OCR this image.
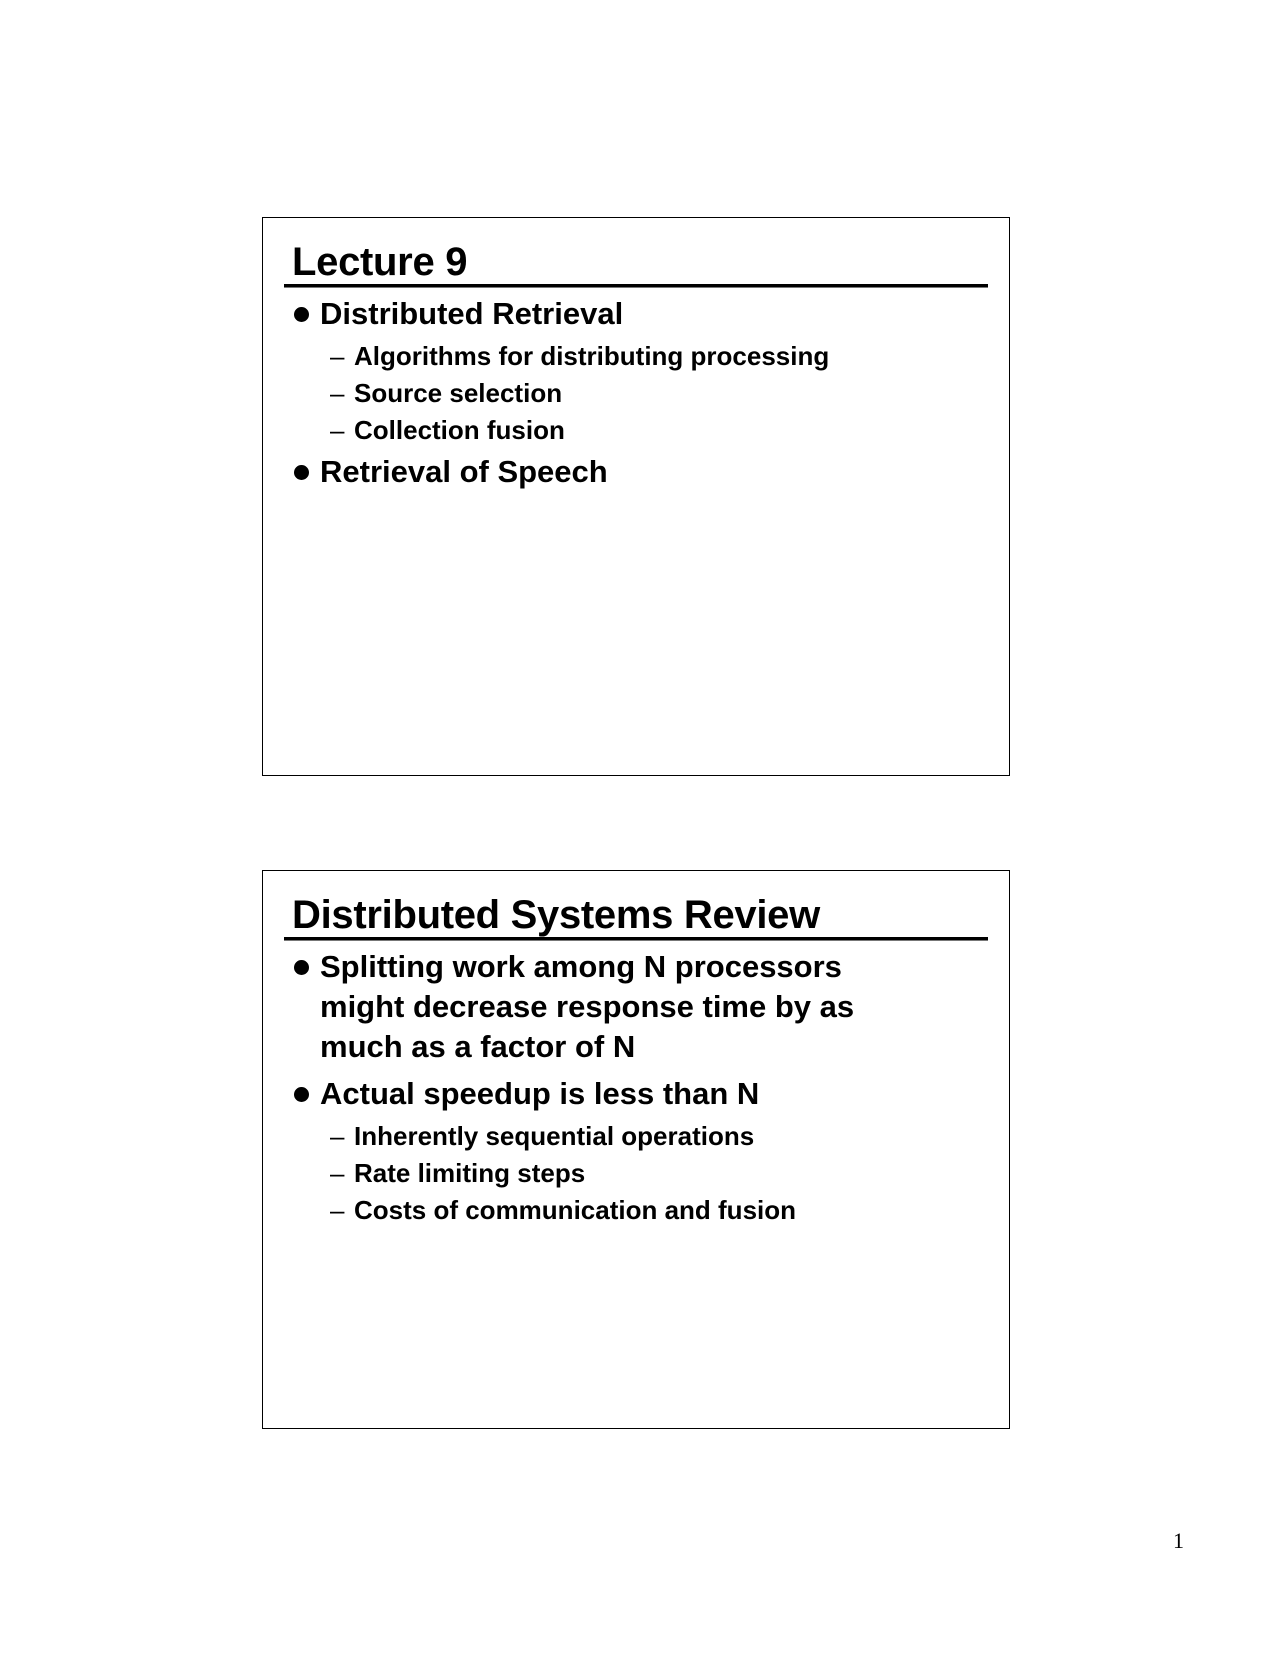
Lecture 9
Distributed Retrieval
– Algorithms for distributing processing
– Source selection
– Collection fusion
Retrieval of Speech
Distributed Systems Review
Splitting work among N processors might decrease response time by as much as a factor of N
Actual speedup is less than N
– Inherently sequential operations
– Rate limiting steps
– Costs of communication and fusion
1
